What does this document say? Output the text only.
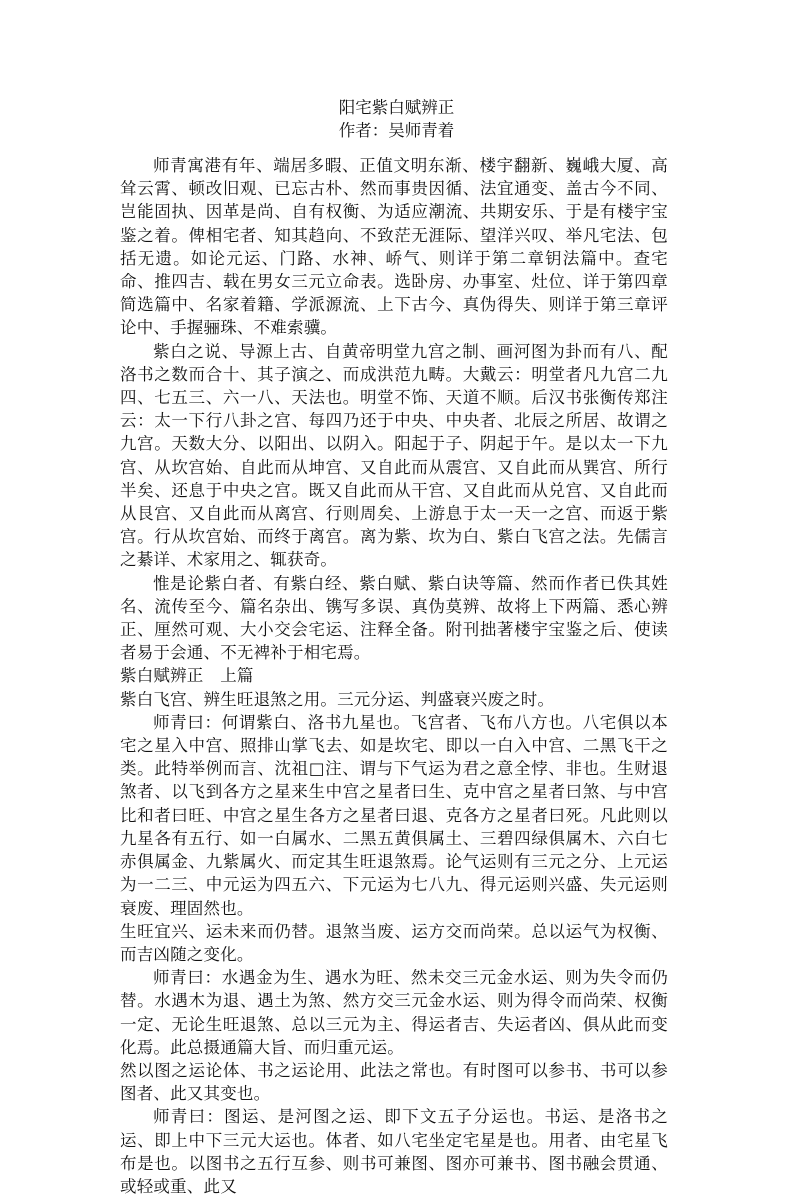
阳宅紫白赋辨正
作者：吴师青着

师青寓港有年、端居多暇、正值文明东渐、楼宇翻新、巍峨大厦、高耸云霄、顿改旧观、已忘古朴、然而事贵因循、法宜通变、盖古今不同、岂能固执、因革是尚、自有权衡、为适应潮流、共期安乐、于是有楼宇宝鉴之着。俾相宅者、知其趋向、不致茫无涯际、望洋兴叹、举凡宅法、包括无遗。如论元运、门路、水神、峤气、则详于第二章钥法篇中。查宅命、推四吉、载在男女三元立命表。选卧房、办事室、灶位、详于第四章简选篇中、名家着籍、学派源流、上下古今、真伪得失、则详于第三章评论中、手握骊珠、不难索骥。

紫白之说、导源上古、自黄帝明堂九宫之制、画河图为卦而有八、配洛书之数而合十、其子演之、而成洪范九畴。大戴云：明堂者凡九宫二九四、七五三、六一八、天法也。明堂不饰、天道不顺。后汉书张衡传郑注云：太一下行八卦之宫、每四乃还于中央、中央者、北辰之所居、故谓之九宫。天数大分、以阳出、以阴入。阳起于子、阴起于午。是以太一下九宫、从坎宫始、自此而从坤宫、又自此而从震宫、又自此而从巽宫、所行半矣、还息于中央之宫。既又自此而从干宫、又自此而从兑宫、又自此而从艮宫、又自此而从离宫、行则周矣、上游息于太一天一之宫、而返于紫宫。行从坎宫始、而终于离宫。离为紫、坎为白、紫白飞宫之法。先儒言之綦详、术家用之、辄获奇。

惟是论紫白者、有紫白经、紫白赋、紫白诀等篇、然而作者已佚其姓名、流传至今、篇名杂出、镌写多误、真伪莫辨、故将上下两篇、悉心辨正、厘然可观、大小交会宅运、注释全备。附刊拙著楼宇宝鉴之后、使读者易于会通、不无裨补于相宅焉。

紫白赋辨正　上篇

紫白飞宫、辨生旺退煞之用。三元分运、判盛衰兴废之时。

师青曰：何谓紫白、洛书九星也。飞宫者、飞布八方也。八宅俱以本宅之星入中宫、照排山掌飞去、如是坎宅、即以一白入中宫、二黑飞干之类。此特举例而言、沈祖□注、谓与下气运为君之意全悖、非也。生财退煞者、以飞到各方之星来生中宫之星者曰生、克中宫之星者曰煞、与中宫比和者曰旺、中宫之星生各方之星者曰退、克各方之星者曰死。凡此则以九星各有五行、如一白属水、二黑五黄俱属土、三碧四绿俱属木、六白七赤俱属金、九紫属火、而定其生旺退煞焉。论气运则有三元之分、上元运为一二三、中元运为四五六、下元运为七八九、得元运则兴盛、失元运则衰废、理固然也。

生旺宜兴、运未来而仍替。退煞当废、运方交而尚荣。总以运气为权衡、而吉凶随之变化。

师青曰：水遇金为生、遇水为旺、然未交三元金水运、则为失令而仍替。水遇木为退、遇土为煞、然方交三元金水运、则为得令而尚荣、权衡一定、无论生旺退煞、总以三元为主、得运者吉、失运者凶、俱从此而变化焉。此总摄通篇大旨、而归重元运。

然以图之运论体、书之运论用、此法之常也。有时图可以参书、书可以参图者、此又其变也。

师青曰：图运、是河图之运、即下文五子分运也。书运、是洛书之运、即上中下三元大运也。体者、如八宅坐定宅星是也。用者、由宅星飞布是也。以图书之五行互参、则书可兼图、图亦可兼书、图书融会贯通、或轻或重、此又
